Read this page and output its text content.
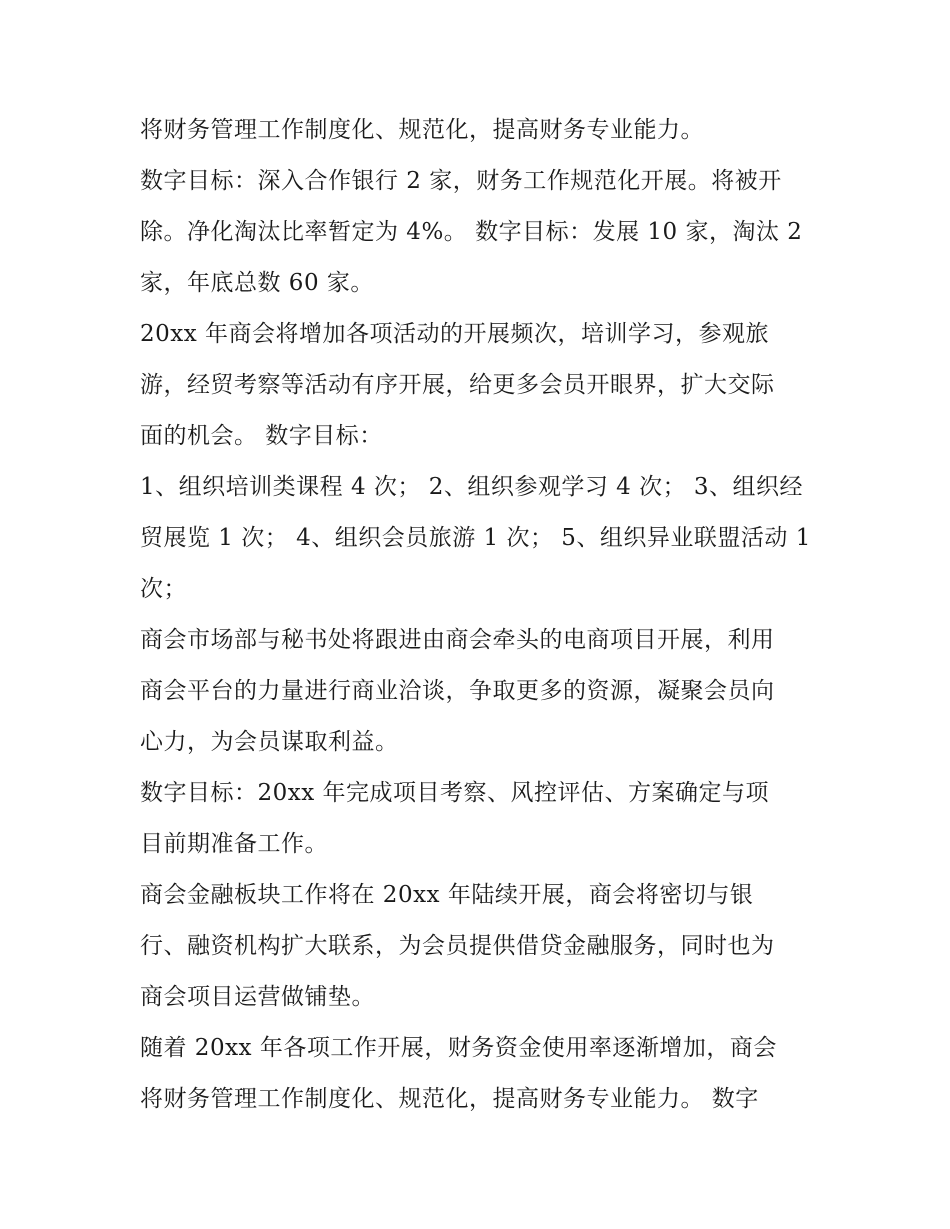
将财务管理工作制度化、规范化，提高财务专业能力。
数字目标：深入合作银行 2 家，财务工作规范化开展。将被开
除。净化淘汰比率暂定为 4%。 数字目标：发展 10 家，淘汰 2
家，年底总数 60 家。
20xx 年商会将增加各项活动的开展频次，培训学习，参观旅
游，经贸考察等活动有序开展，给更多会员开眼界，扩大交际
面的机会。 数字目标：
1、组织培训类课程 4 次； 2、组织参观学习 4 次； 3、组织经
贸展览 1 次； 4、组织会员旅游 1 次； 5、组织异业联盟活动 1
次；
商会市场部与秘书处将跟进由商会牵头的电商项目开展，利用
商会平台的力量进行商业洽谈，争取更多的资源，凝聚会员向
心力，为会员谋取利益。
数字目标：20xx 年完成项目考察、风控评估、方案确定与项
目前期准备工作。
商会金融板块工作将在 20xx 年陆续开展，商会将密切与银
行、融资机构扩大联系，为会员提供借贷金融服务，同时也为
商会项目运营做铺垫。
随着 20xx 年各项工作开展，财务资金使用率逐渐增加，商会
将财务管理工作制度化、规范化，提高财务专业能力。 数字
